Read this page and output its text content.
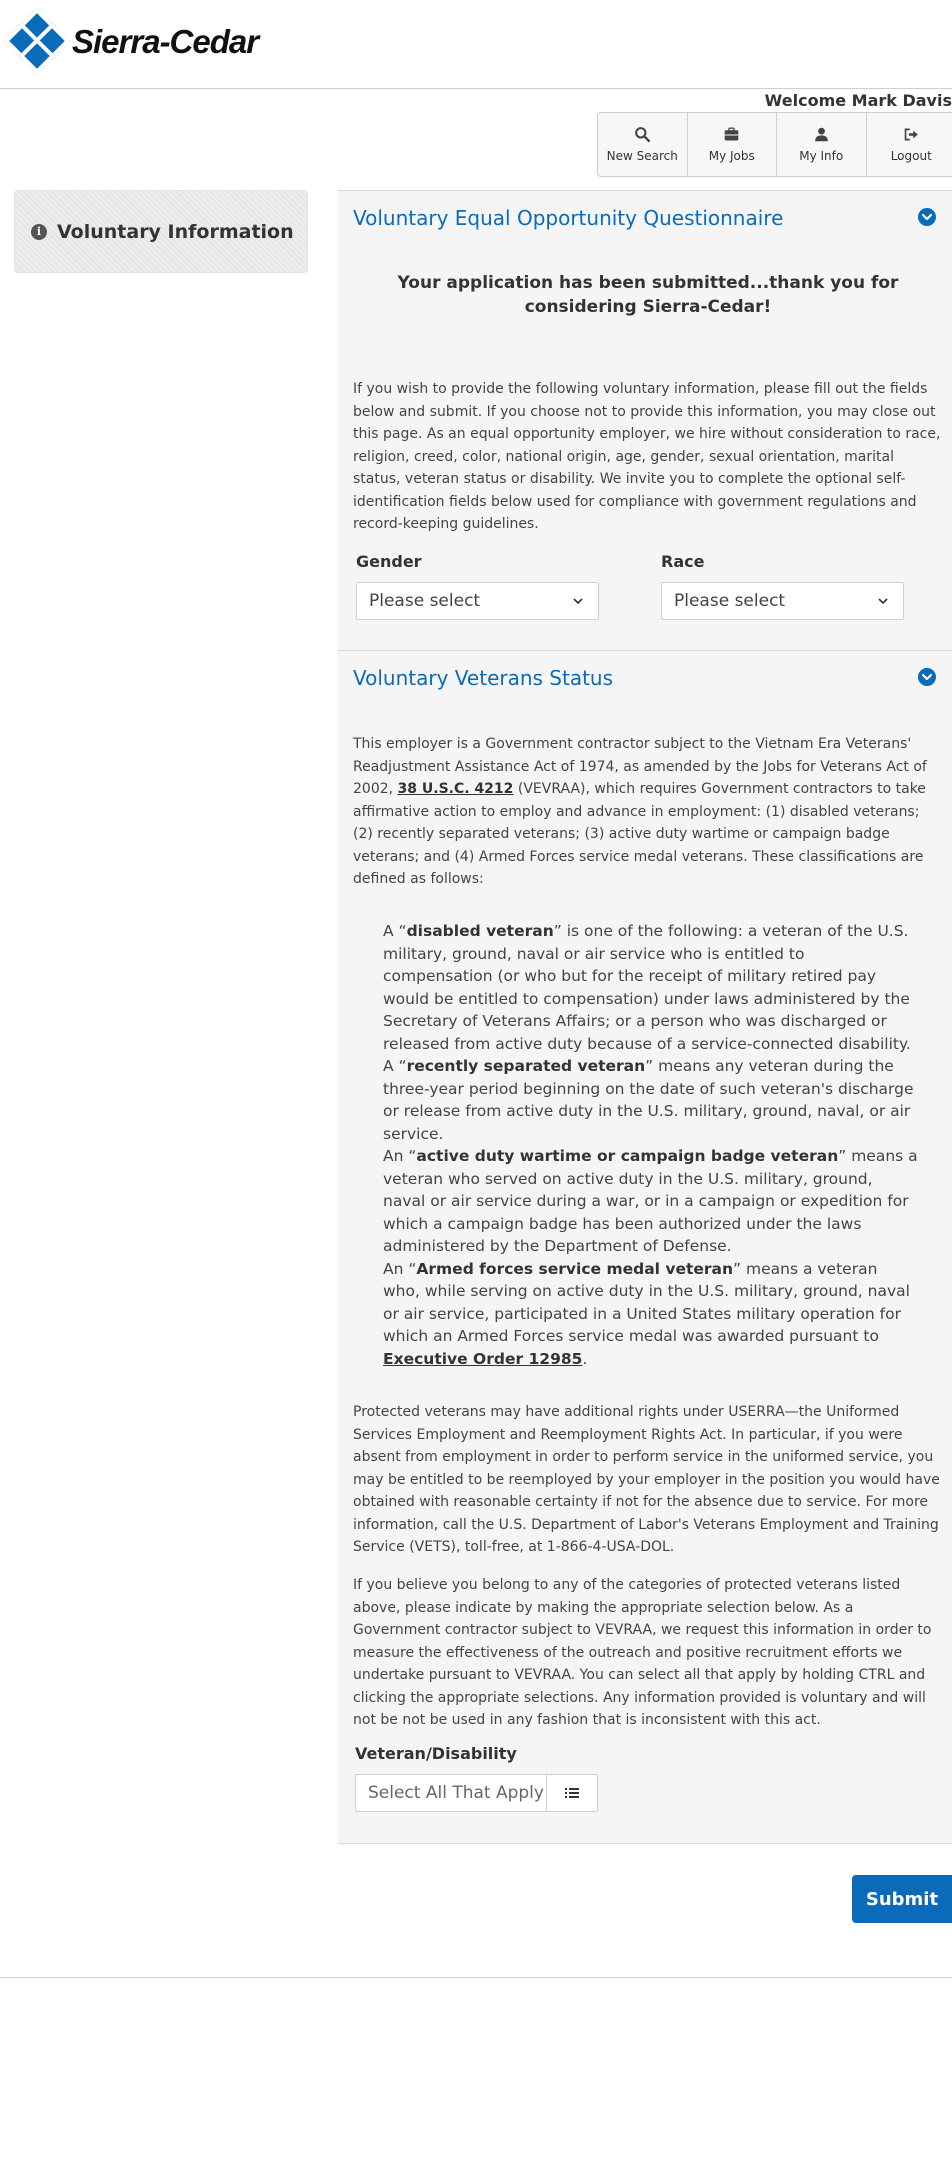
Sierra-Cedar
Welcome Mark Davis
New Search	My Jobs	My Info	Logout
i Voluntary Information
Voluntary Equal Opportunity Questionnaire
Your application has been submitted...thank you for considering Sierra-Cedar!
If you wish to provide the following voluntary information, please fill out the fields below and submit. If you choose not to provide this information, you may close out this page. As an equal opportunity employer, we hire without consideration to race, religion, creed, color, national origin, age, gender, sexual orientation, marital status, veteran status or disability. We invite you to complete the optional self-identification fields below used for compliance with government regulations and record-keeping guidelines.
Gender
Please select
Race
Please select
Voluntary Veterans Status
This employer is a Government contractor subject to the Vietnam Era Veterans' Readjustment Assistance Act of 1974, as amended by the Jobs for Veterans Act of 2002, 38 U.S.C. 4212 (VEVRAA), which requires Government contractors to take affirmative action to employ and advance in employment: (1) disabled veterans; (2) recently separated veterans; (3) active duty wartime or campaign badge veterans; and (4) Armed Forces service medal veterans. These classifications are defined as follows:

A “disabled veteran” is one of the following: a veteran of the U.S. military, ground, naval or air service who is entitled to compensation (or who but for the receipt of military retired pay would be entitled to compensation) under laws administered by the Secretary of Veterans Affairs; or a person who was discharged or released from active duty because of a service-connected disability.

A “recently separated veteran” means any veteran during the three-year period beginning on the date of such veteran's discharge or release from active duty in the U.S. military, ground, naval, or air service.

An “active duty wartime or campaign badge veteran” means a veteran who served on active duty in the U.S. military, ground, naval or air service during a war, or in a campaign or expedition for which a campaign badge has been authorized under the laws administered by the Department of Defense.

An “Armed forces service medal veteran” means a veteran who, while serving on active duty in the U.S. military, ground, naval or air service, participated in a United States military operation for which an Armed Forces service medal was awarded pursuant to Executive Order 12985.

Protected veterans may have additional rights under USERRA—the Uniformed Services Employment and Reemployment Rights Act. In particular, if you were absent from employment in order to perform service in the uniformed service, you may be entitled to be reemployed by your employer in the position you would have obtained with reasonable certainty if not for the absence due to service. For more information, call the U.S. Department of Labor's Veterans Employment and Training Service (VETS), toll-free, at 1-866-4-USA-DOL.
If you believe you belong to any of the categories of protected veterans listed above, please indicate by making the appropriate selection below. As a Government contractor subject to VEVRAA, we request this information in order to measure the effectiveness of the outreach and positive recruitment efforts we undertake pursuant to VEVRAA. You can select all that apply by holding CTRL and clicking the appropriate selections. Any information provided is voluntary and will not be not be used in any fashion that is inconsistent with this act.
Veteran/Disability
Select All That Apply
Submit
